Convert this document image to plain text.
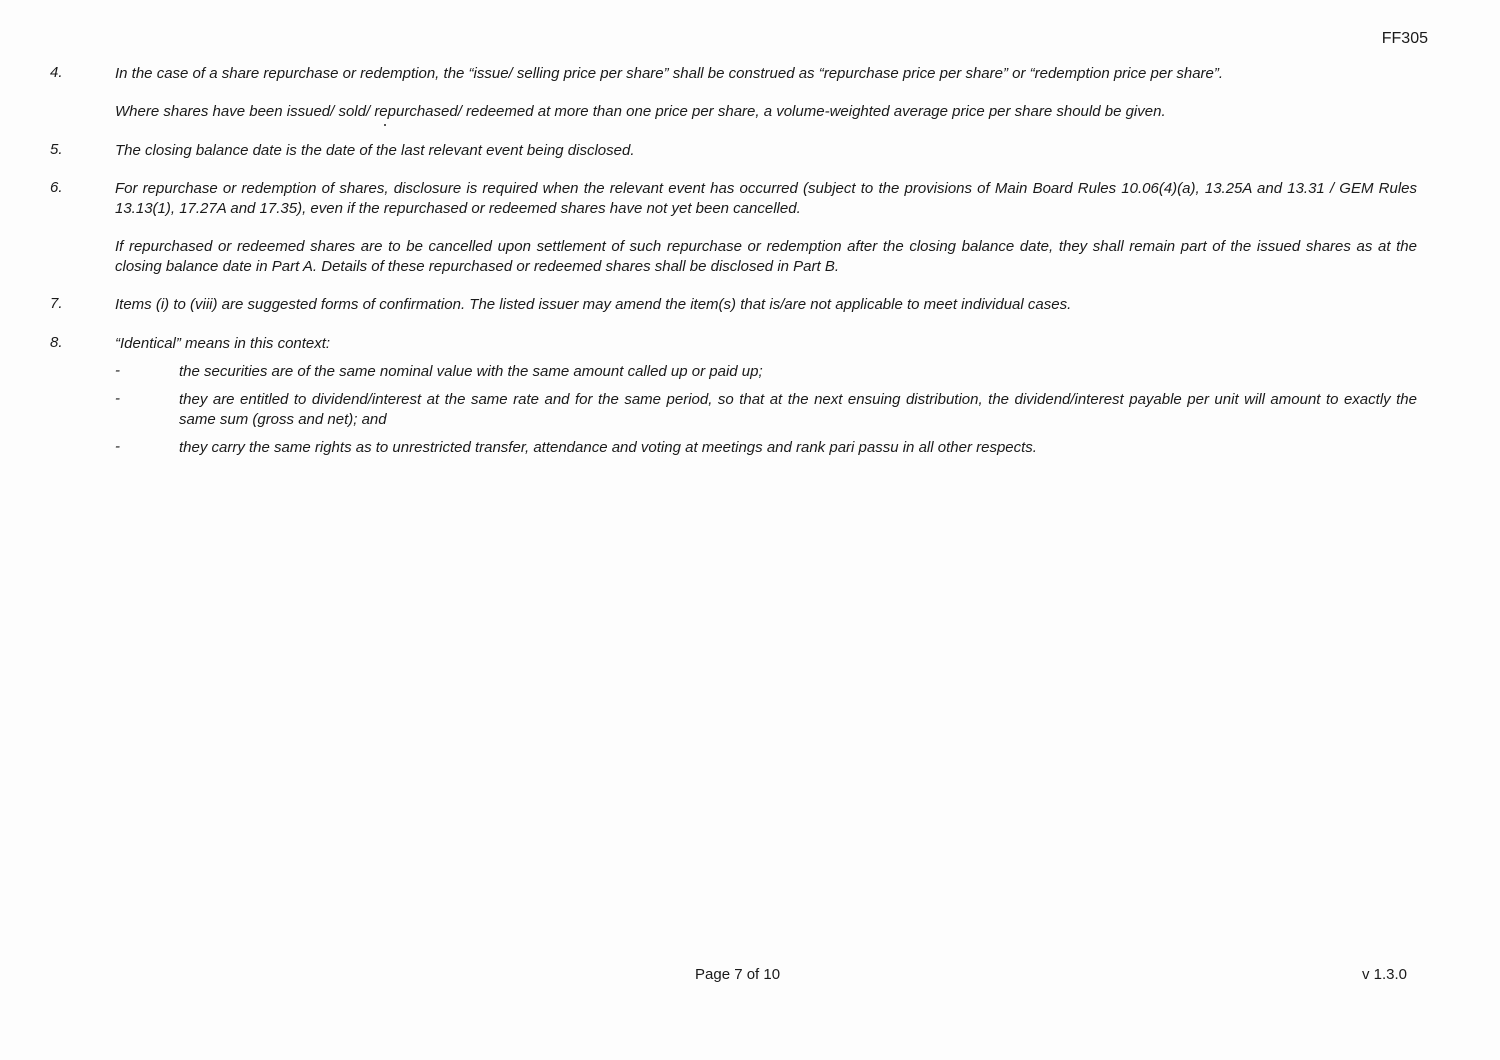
FF305
4.	In the case of a share repurchase or redemption, the “issue/ selling price per share” shall be construed as “repurchase price per share” or “redemption price per share”.
Where shares have been issued/ sold/ repurchased/ redeemed at more than one price per share, a volume-weighted average price per share should be given.
5.	The closing balance date is the date of the last relevant event being disclosed.
6.	For repurchase or redemption of shares, disclosure is required when the relevant event has occurred (subject to the provisions of Main Board Rules 10.06(4)(a), 13.25A and 13.31 / GEM Rules 13.13(1), 17.27A and 17.35), even if the repurchased or redeemed shares have not yet been cancelled.
If repurchased or redeemed shares are to be cancelled upon settlement of such repurchase or redemption after the closing balance date, they shall remain part of the issued shares as at the closing balance date in Part A. Details of these repurchased or redeemed shares shall be disclosed in Part B.
7.	Items (i) to (viii) are suggested forms of confirmation. The listed issuer may amend the item(s) that is/are not applicable to meet individual cases.
8.	“Identical” means in this context:
-	the securities are of the same nominal value with the same amount called up or paid up;
-	they are entitled to dividend/interest at the same rate and for the same period, so that at the next ensuing distribution, the dividend/interest payable per unit will amount to exactly the same sum (gross and net); and
-	they carry the same rights as to unrestricted transfer, attendance and voting at meetings and rank pari passu in all other respects.
Page 7 of 10	v 1.3.0
